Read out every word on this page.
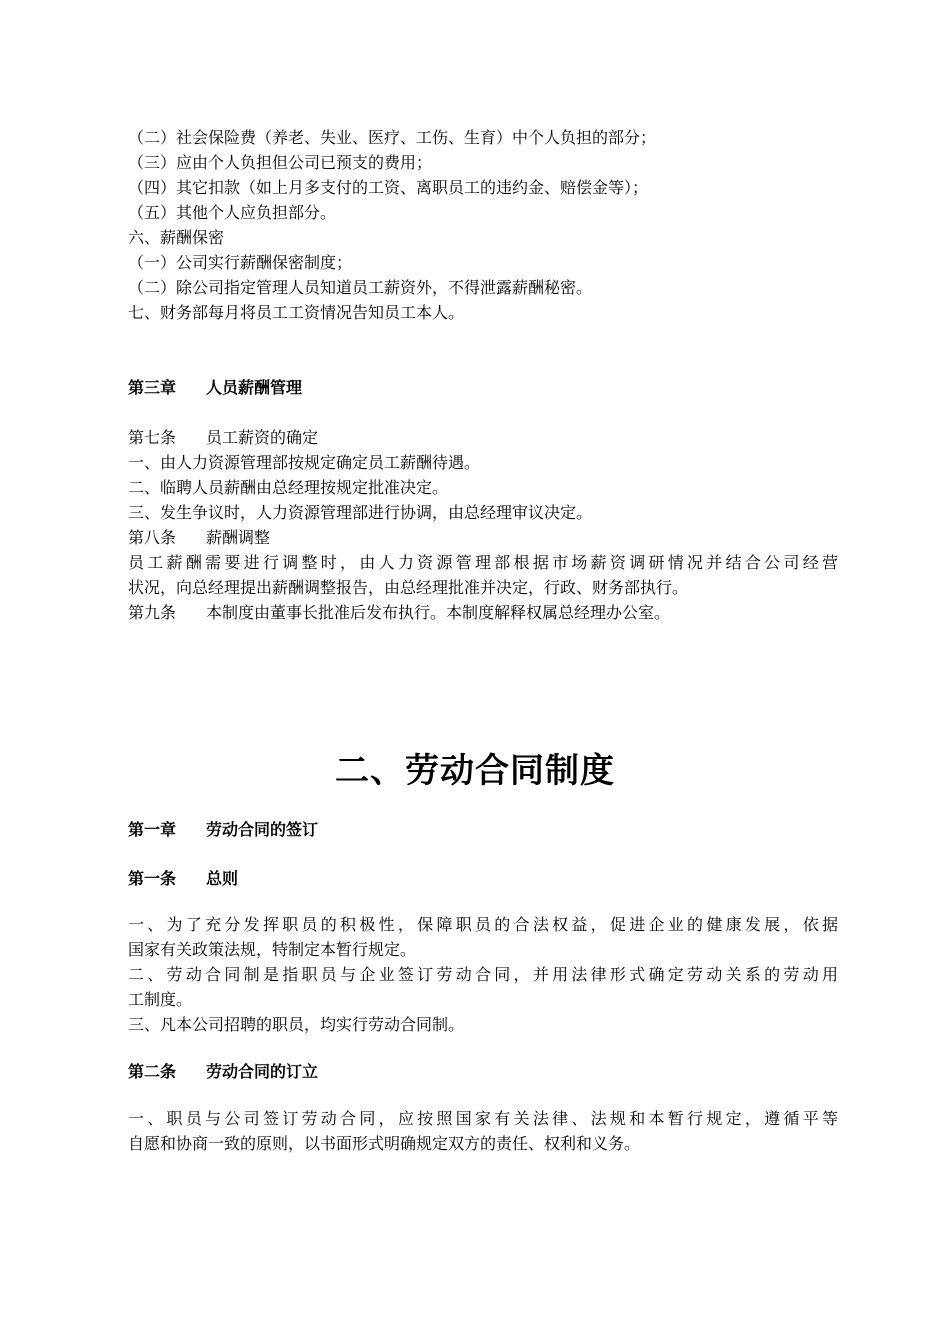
（二）社会保险费（养老、失业、医疗、工伤、生育）中个人负担的部分；
（三）应由个人负担但公司已预支的费用；
（四）其它扣款（如上月多支付的工资、离职员工的违约金、赔偿金等）；
（五）其他个人应负担部分。
六、薪酬保密
（一）公司实行薪酬保密制度；
（二）除公司指定管理人员知道员工薪资外，不得泄露薪酬秘密。
七、财务部每月将员工工资情况告知员工本人。
第三章 人员薪酬管理
第七条 员工薪资的确定
一、由人力资源管理部按规定确定员工薪酬待遇。
二、临聘人员薪酬由总经理按规定批准决定。
三、发生争议时，人力资源管理部进行协调，由总经理审议决定。
第八条 薪酬调整
员工薪酬需要进行调整时，由人力资源管理部根据市场薪资调研情况并结合公司经营
状况，向总经理提出薪酬调整报告，由总经理批准并决定，行政、财务部执行。
第九条 本制度由董事长批准后发布执行。本制度解释权属总经理办公室。
二、劳动合同制度
第一章 劳动合同的签订
第一条 总则
一、为了充分发挥职员的积极性，保障职员的合法权益，促进企业的健康发展，依据
国家有关政策法规，特制定本暂行规定。
二、劳动合同制是指职员与企业签订劳动合同，并用法律形式确定劳动关系的劳动用
工制度。
三、凡本公司招聘的职员，均实行劳动合同制。
第二条 劳动合同的订立
一、职员与公司签订劳动合同，应按照国家有关法律、法规和本暂行规定，遵循平等
自愿和协商一致的原则，以书面形式明确规定双方的责任、权利和义务。
